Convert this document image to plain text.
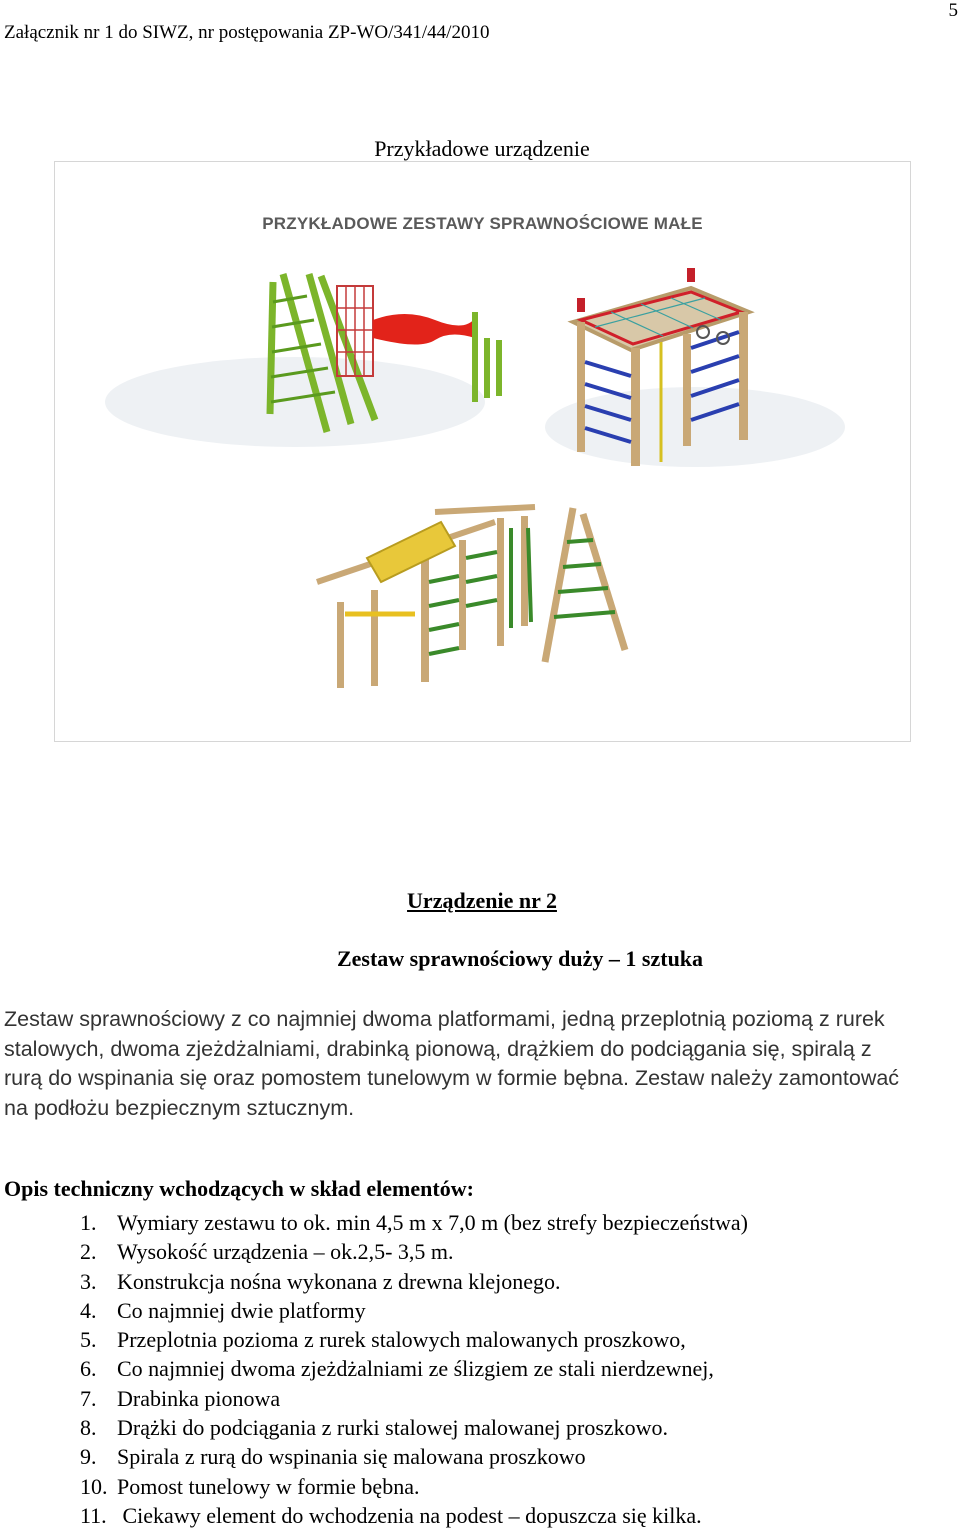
Załącznik nr 1 do SIWZ, nr postępowania ZP-WO/341/44/2010
5
Przykładowe urządzenie
PRZYKŁADOWE ZESTAWY SPRAWNOŚCIOWE MAŁE
Urządzenie nr 2
Zestaw sprawnościowy duży – 1 sztuka
Zestaw sprawnościowy z co najmniej dwoma platformami, jedną przeplotnią poziomą z rurek
stalowych, dwoma zjeżdżalniami, drabinką pionową, drążkiem do podciągania się, spiralą z
rurą do wspinania się oraz pomostem tunelowym w formie bębna. Zestaw należy zamontować
na podłożu bezpiecznym sztucznym.
Opis techniczny wchodzących w skład elementów:
1. Wymiary zestawu to ok. min 4,5 m x 7,0 m (bez strefy bezpieczeństwa)
2. Wysokość urządzenia – ok.2,5- 3,5 m.
3. Konstrukcja nośna wykonana z drewna klejonego.
4. Co najmniej dwie platformy
5. Przeplotnia pozioma z rurek stalowych malowanych proszkowo,
6. Co najmniej dwoma zjeżdżalniami ze ślizgiem ze stali nierdzewnej,
7. Drabinka pionowa
8. Drążki do podciągania z rurki stalowej malowanej proszkowo.
9. Spirala z rurą do wspinania się malowana proszkowo
10. Pomost tunelowy w formie bębna.
11. Ciekawy element do wchodzenia na podest – dopuszcza się kilka.
